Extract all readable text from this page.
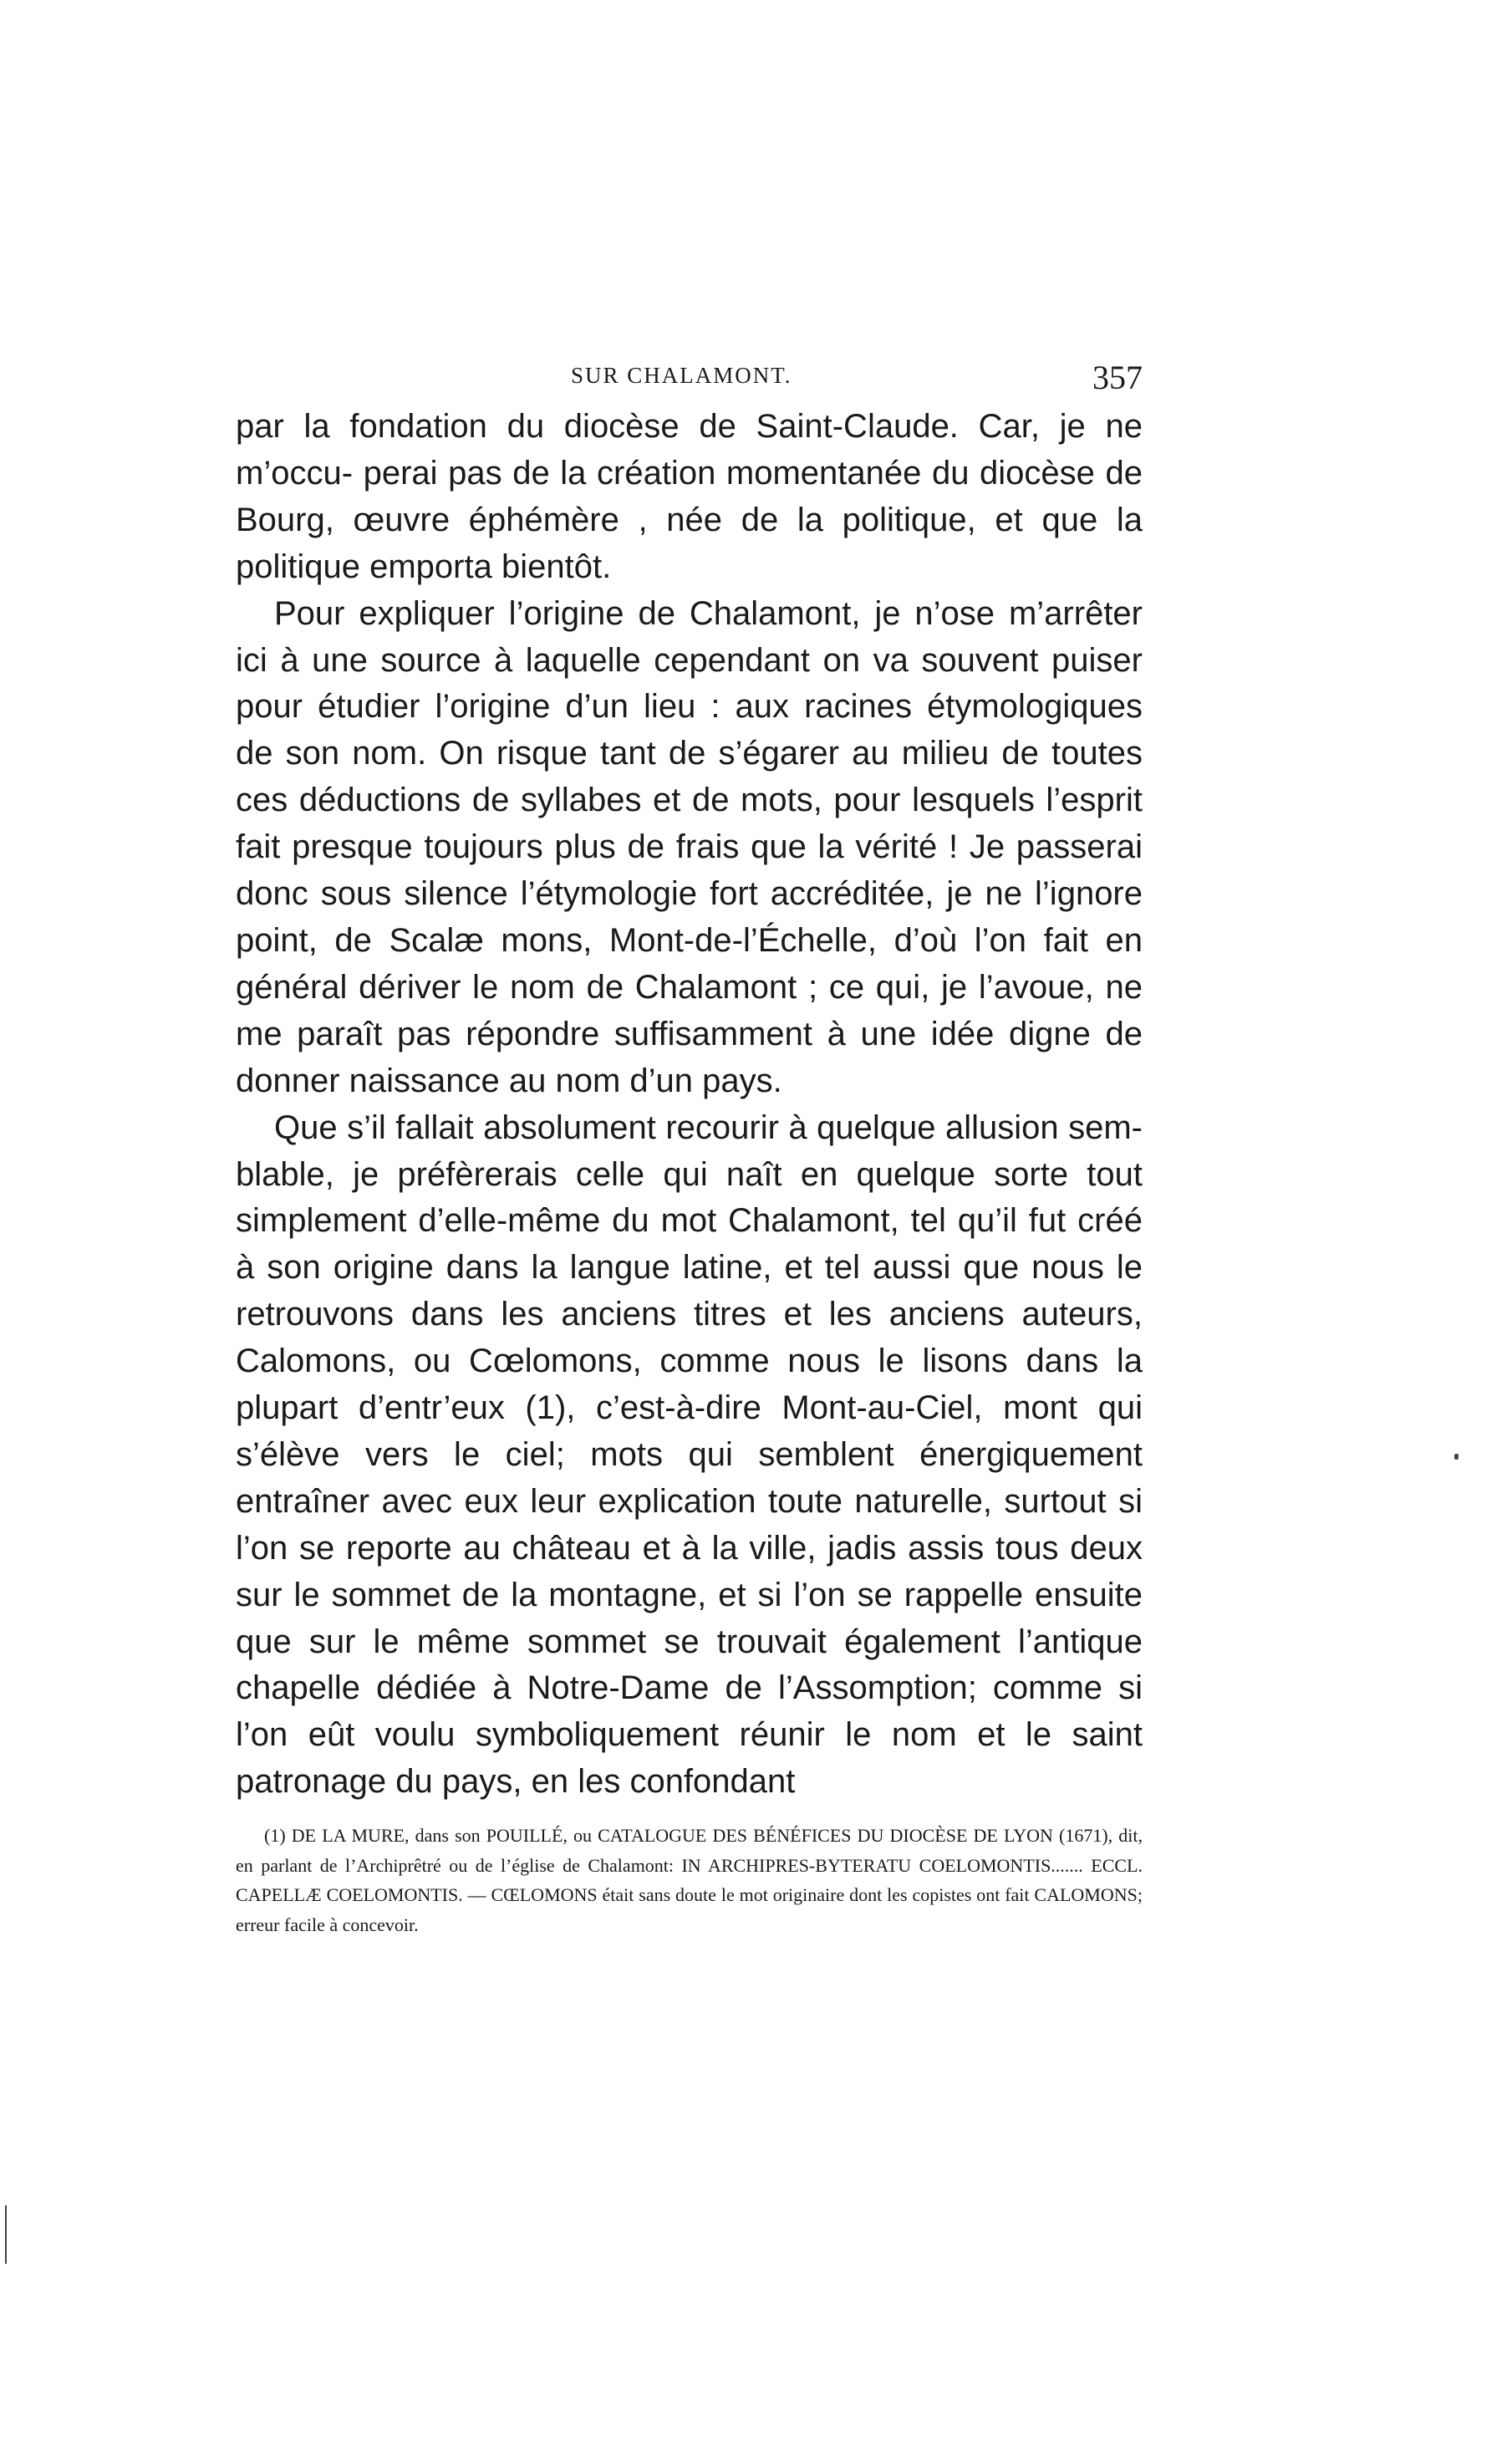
SUR CHALAMONT.	357

par la fondation du diocèse de Saint-Claude. Car, je ne m’occu- perai pas de la création momentanée du diocèse de Bourg, œuvre éphémère , née de la politique, et que la politique emporta bientôt.

Pour expliquer l’origine de Chalamont, je n’ose m’arrêter ici à une source à laquelle cependant on va souvent puiser pour étudier l’origine d’un lieu : aux racines étymologiques de son nom. On risque tant de s’égarer au milieu de toutes ces déductions de syllabes et de mots, pour lesquels l’esprit fait presque toujours plus de frais que la vérité ! Je passerai donc sous silence l’étymologie fort accréditée, je ne l’ignore point, de Scalæ mons, Mont-de-l’Échelle, d’où l’on fait en général dériver le nom de Chalamont ; ce qui, je l’avoue, ne me paraît pas répondre suffisamment à une idée digne de donner naissance au nom d’un pays.

Que s’il fallait absolument recourir à quelque allusion sem- blable, je préfèrerais celle qui naît en quelque sorte tout simplement d’elle-même du mot Chalamont, tel qu’il fut créé à son origine dans la langue latine, et tel aussi que nous le retrouvons dans les anciens titres et les anciens auteurs, Calomons, ou Cœlomons, comme nous le lisons dans la plupart d’entr’eux (1), c’est-à-dire Mont-au-Ciel, mont qui s’élève vers le ciel; mots qui semblent énergiquement entraîner avec eux leur explication toute naturelle, surtout si l’on se reporte au château et à la ville, jadis assis tous deux sur le sommet de la montagne, et si l’on se rappelle ensuite que sur le même sommet se trouvait également l’antique chapelle dédiée à Notre-Dame de l’Assomption; comme si l’on eût voulu symboliquement réunir le nom et le saint patronage du pays, en les confondant

(1) DE LA MURE, dans son POUILLÉ, ou CATALOGUE DES BÉNÉFICES DU DIOCÈSE DE LYON (1671), dit, en parlant de l’Archiprêtré ou de l’église de Chalamont: IN ARCHIPRES-BYTERATU COELOMONTIS....... ECCL. CAPELLÆ COELOMONTIS. — CŒLOMONS était sans doute le mot originaire dont les copistes ont fait CALOMONS; erreur facile à concevoir.
